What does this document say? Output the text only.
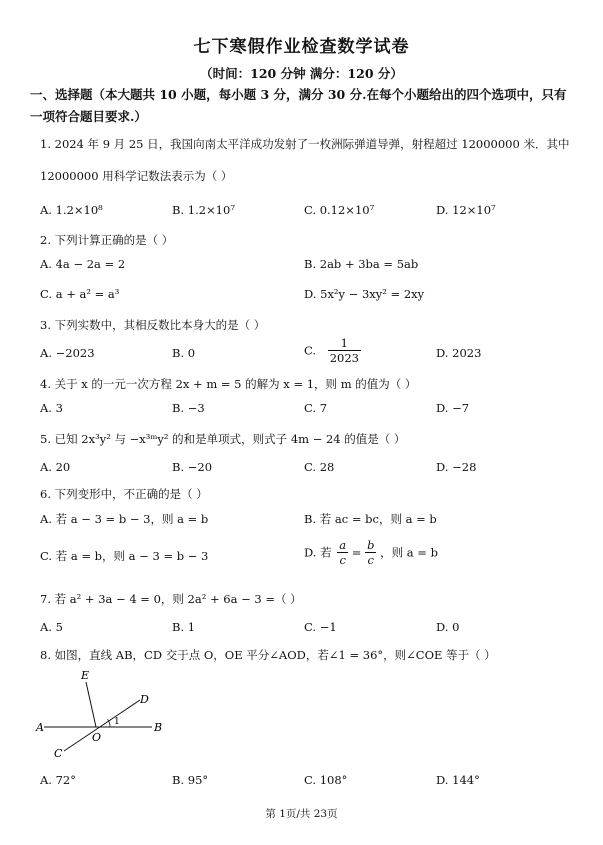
七下寒假作业检查数学试卷
（时间：120 分钟 满分：120 分）
一、选择题（本大题共 10 小题，每小题 3 分，满分 30 分.在每个小题给出的四个选项中，只有一项符合题目要求.）
1. 2024 年 9 月 25 日，我国向南太平洋成功发射了一枚洲际弹道导弹，射程超过 12000000 米．其中
12000000 用科学记数法表示为（ ）
A. 1.2×10⁸	B. 1.2×10⁷	C. 0.12×10⁷	D. 12×10⁷
2. 下列计算正确的是（ ）
A. 4a − 2a = 2	B. 2ab + 3ba = 5ab
C. a + a² = a³	D. 5x²y − 3xy² = 2xy
3. 下列实数中，其相反数比本身大的是（ ）
A. −2023	B. 0	C. $\frac{1}{2023}$	D. 2023
4. 关于 x 的一元一次方程 2x + m = 5 的解为 x = 1，则 m 的值为（ ）
A. 3	B. −3	C. 7	D. −7
5. 已知 2x³y² 与 −x³ᵐy² 的和是单项式，则式子 4m − 24 的值是（ ）
A. 20	B. −20	C. 28	D. −28
6. 下列变形中，不正确的是（ ）
A. 若 a − 3 = b − 3，则 a = b	B. 若 ac = bc，则 a = b
C. 若 a = b，则 a − 3 = b − 3	D. 若 $\frac{a}{c} = \frac{b}{c}$ ，则 a = b
7. 若 a² + 3a − 4 = 0，则 2a² + 6a − 3 =（ ）
A. 5	B. 1	C. −1	D. 0
8. 如图，直线 AB，CD 交于点 O，OE 平分∠AOD，若∠1 = 36°，则∠COE 等于（ ）
E
D
A	B
C
O
1
A. 72°	B. 95°	C. 108°	D. 144°
第 1页/共 23页
